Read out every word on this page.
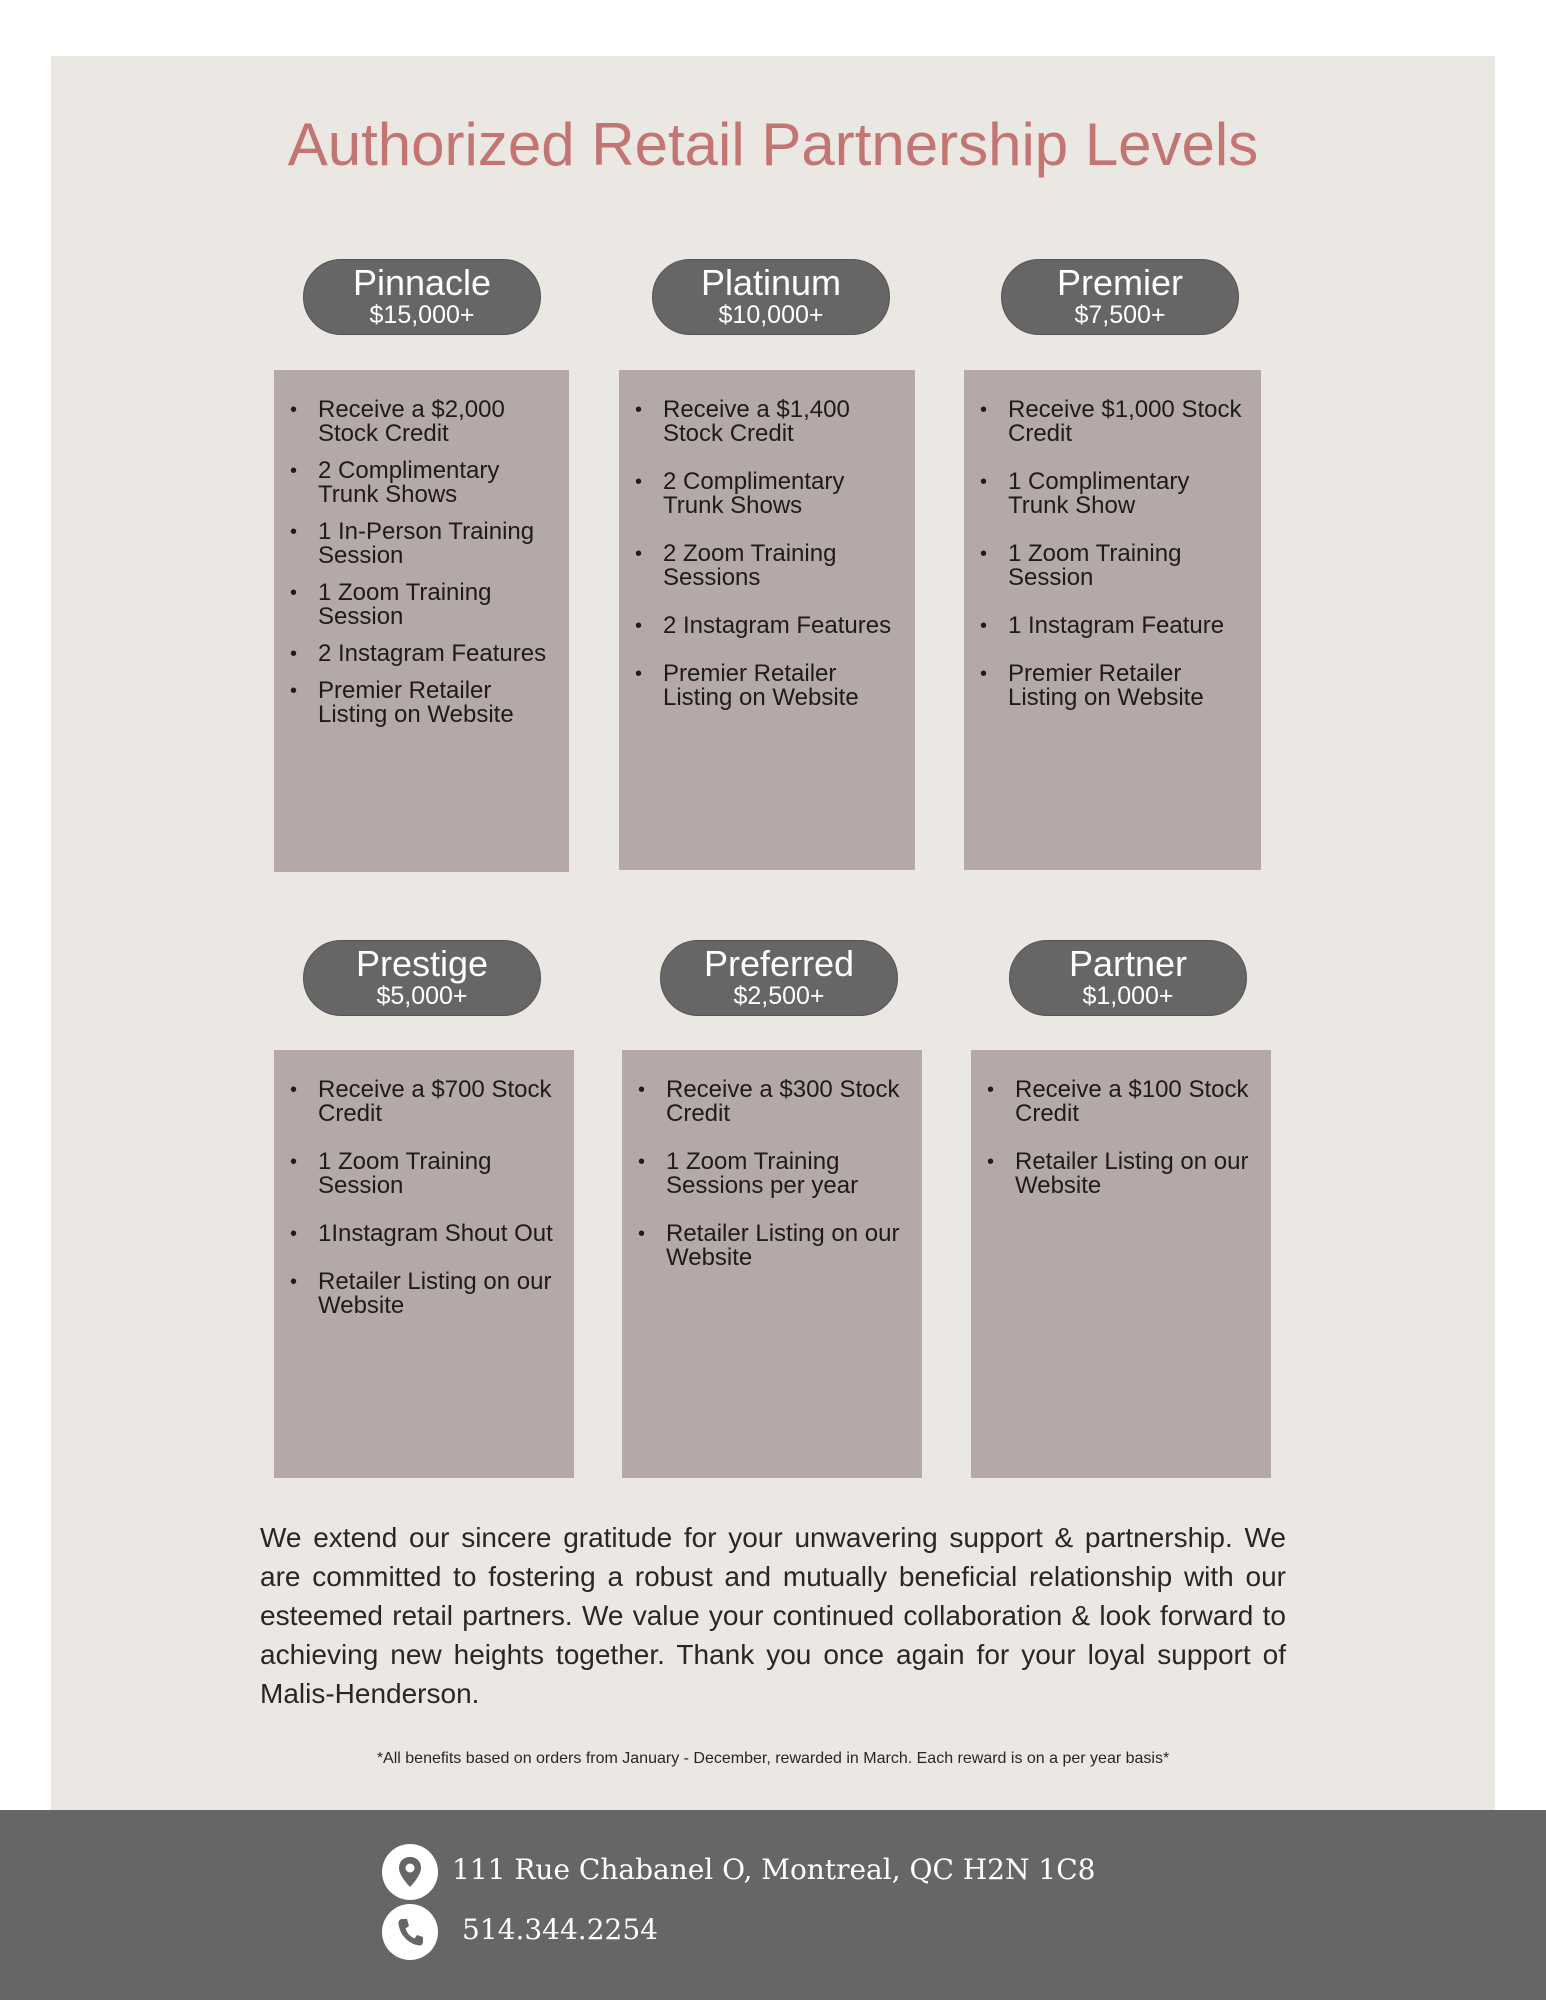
Authorized Retail Partnership Levels
Pinnacle
$15,000+
Platinum
$10,000+
Premier
$7,500+
• Receive a $2,000 Stock Credit
• 2 Complimentary Trunk Shows
• 1 In-Person Training Session
• 1 Zoom Training Session
• 2 Instagram Features
• Premier Retailer Listing on Website
• Receive a $1,400 Stock Credit
• 2 Complimentary Trunk Shows
• 2 Zoom Training Sessions
• 2 Instagram Features
• Premier Retailer Listing on Website
• Receive $1,000 Stock Credit
• 1 Complimentary Trunk Show
• 1 Zoom Training Session
• 1 Instagram Feature
• Premier Retailer Listing on Website
Prestige
$5,000+
Preferred
$2,500+
Partner
$1,000+
• Receive a $700 Stock Credit
• 1 Zoom Training Session
• 1Instagram Shout Out
• Retailer Listing on our Website
• Receive a $300 Stock Credit
• 1 Zoom Training Sessions per year
• Retailer Listing on our Website
• Receive a $100 Stock Credit
• Retailer Listing on our Website

We extend our sincere gratitude for your unwavering support & partnership. We are committed to fostering a robust and mutually beneficial relationship with our esteemed retail partners. We value your continued collaboration & look forward to achieving new heights together. Thank you once again for your loyal support of Malis-Henderson.

*All benefits based on orders from January - December, rewarded in March. Each reward is on a per year basis*

111 Rue Chabanel O, Montreal, QC H2N 1C8
514.344.2254
